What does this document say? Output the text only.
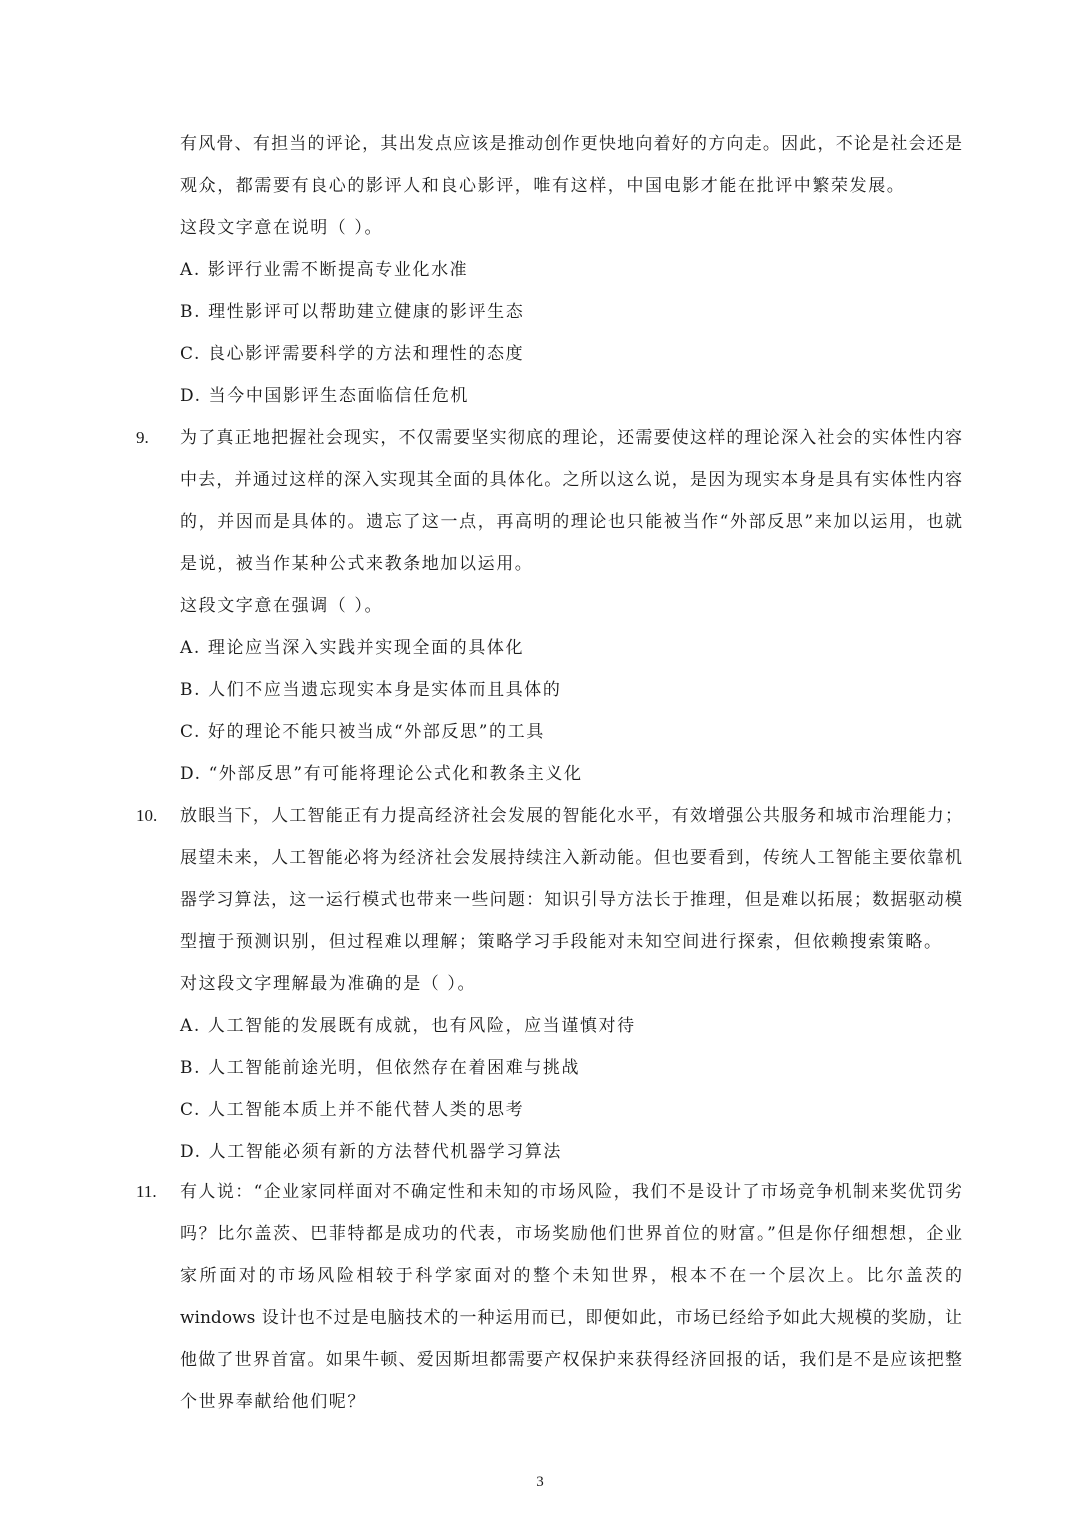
有风骨、有担当的评论，其出发点应该是推动创作更快地向着好的方向走。因此，不论是社会还是
观众，都需要有良心的影评人和良心影评，唯有这样，中国电影才能在批评中繁荣发展。
这段文字意在说明（ ）。
A. 影评行业需不断提高专业化水准
B. 理性影评可以帮助建立健康的影评生态
C. 良心影评需要科学的方法和理性的态度
D. 当今中国影评生态面临信任危机
9. 为了真正地把握社会现实，不仅需要坚实彻底的理论，还需要使这样的理论深入社会的实体性内容
中去，并通过这样的深入实现其全面的具体化。之所以这么说，是因为现实本身是具有实体性内容
的，并因而是具体的。遗忘了这一点，再高明的理论也只能被当作“外部反思”来加以运用，也就
是说，被当作某种公式来教条地加以运用。
这段文字意在强调（ ）。
A. 理论应当深入实践并实现全面的具体化
B. 人们不应当遗忘现实本身是实体而且具体的
C. 好的理论不能只被当成“外部反思”的工具
D. “外部反思”有可能将理论公式化和教条主义化
10. 放眼当下，人工智能正有力提高经济社会发展的智能化水平，有效增强公共服务和城市治理能力；
展望未来，人工智能必将为经济社会发展持续注入新动能。但也要看到，传统人工智能主要依靠机
器学习算法，这一运行模式也带来一些问题：知识引导方法长于推理，但是难以拓展；数据驱动模
型擅于预测识别，但过程难以理解；策略学习手段能对未知空间进行探索，但依赖搜索策略。
对这段文字理解最为准确的是（ ）。
A. 人工智能的发展既有成就，也有风险，应当谨慎对待
B. 人工智能前途光明，但依然存在着困难与挑战
C. 人工智能本质上并不能代替人类的思考
D. 人工智能必须有新的方法替代机器学习算法
11. 有人说：“企业家同样面对不确定性和未知的市场风险，我们不是设计了市场竞争机制来奖优罚劣
吗？比尔盖茨、巴菲特都是成功的代表，市场奖励他们世界首位的财富。”但是你仔细想想，企业
家所面对的市场风险相较于科学家面对的整个未知世界，根本不在一个层次上。比尔盖茨的
windows 设计也不过是电脑技术的一种运用而已，即便如此，市场已经给予如此大规模的奖励，让
他做了世界首富。如果牛顿、爱因斯坦都需要产权保护来获得经济回报的话，我们是不是应该把整
个世界奉献给他们呢？
3
